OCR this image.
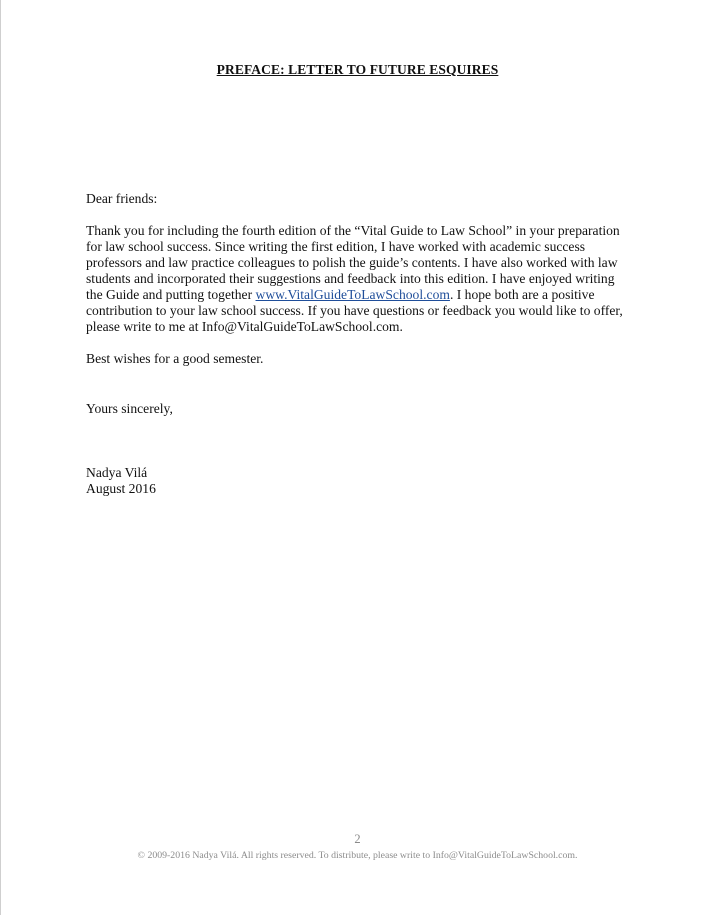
PREFACE: LETTER TO FUTURE ESQUIRES
Dear friends:
Thank you for including the fourth edition of the “Vital Guide to Law School” in your preparation for law school success. Since writing the first edition, I have worked with academic success professors and law practice colleagues to polish the guide’s contents. I have also worked with law students and incorporated their suggestions and feedback into this edition. I have enjoyed writing the Guide and putting together www.VitalGuideToLawSchool.com. I hope both are a positive contribution to your law school success. If you have questions or feedback you would like to offer, please write to me at Info@VitalGuideToLawSchool.com.
Best wishes for a good semester.
Yours sincerely,
Nadya Vilá
August 2016
2
© 2009-2016 Nadya Vilá. All rights reserved. To distribute, please write to Info@VitalGuideToLawSchool.com.
